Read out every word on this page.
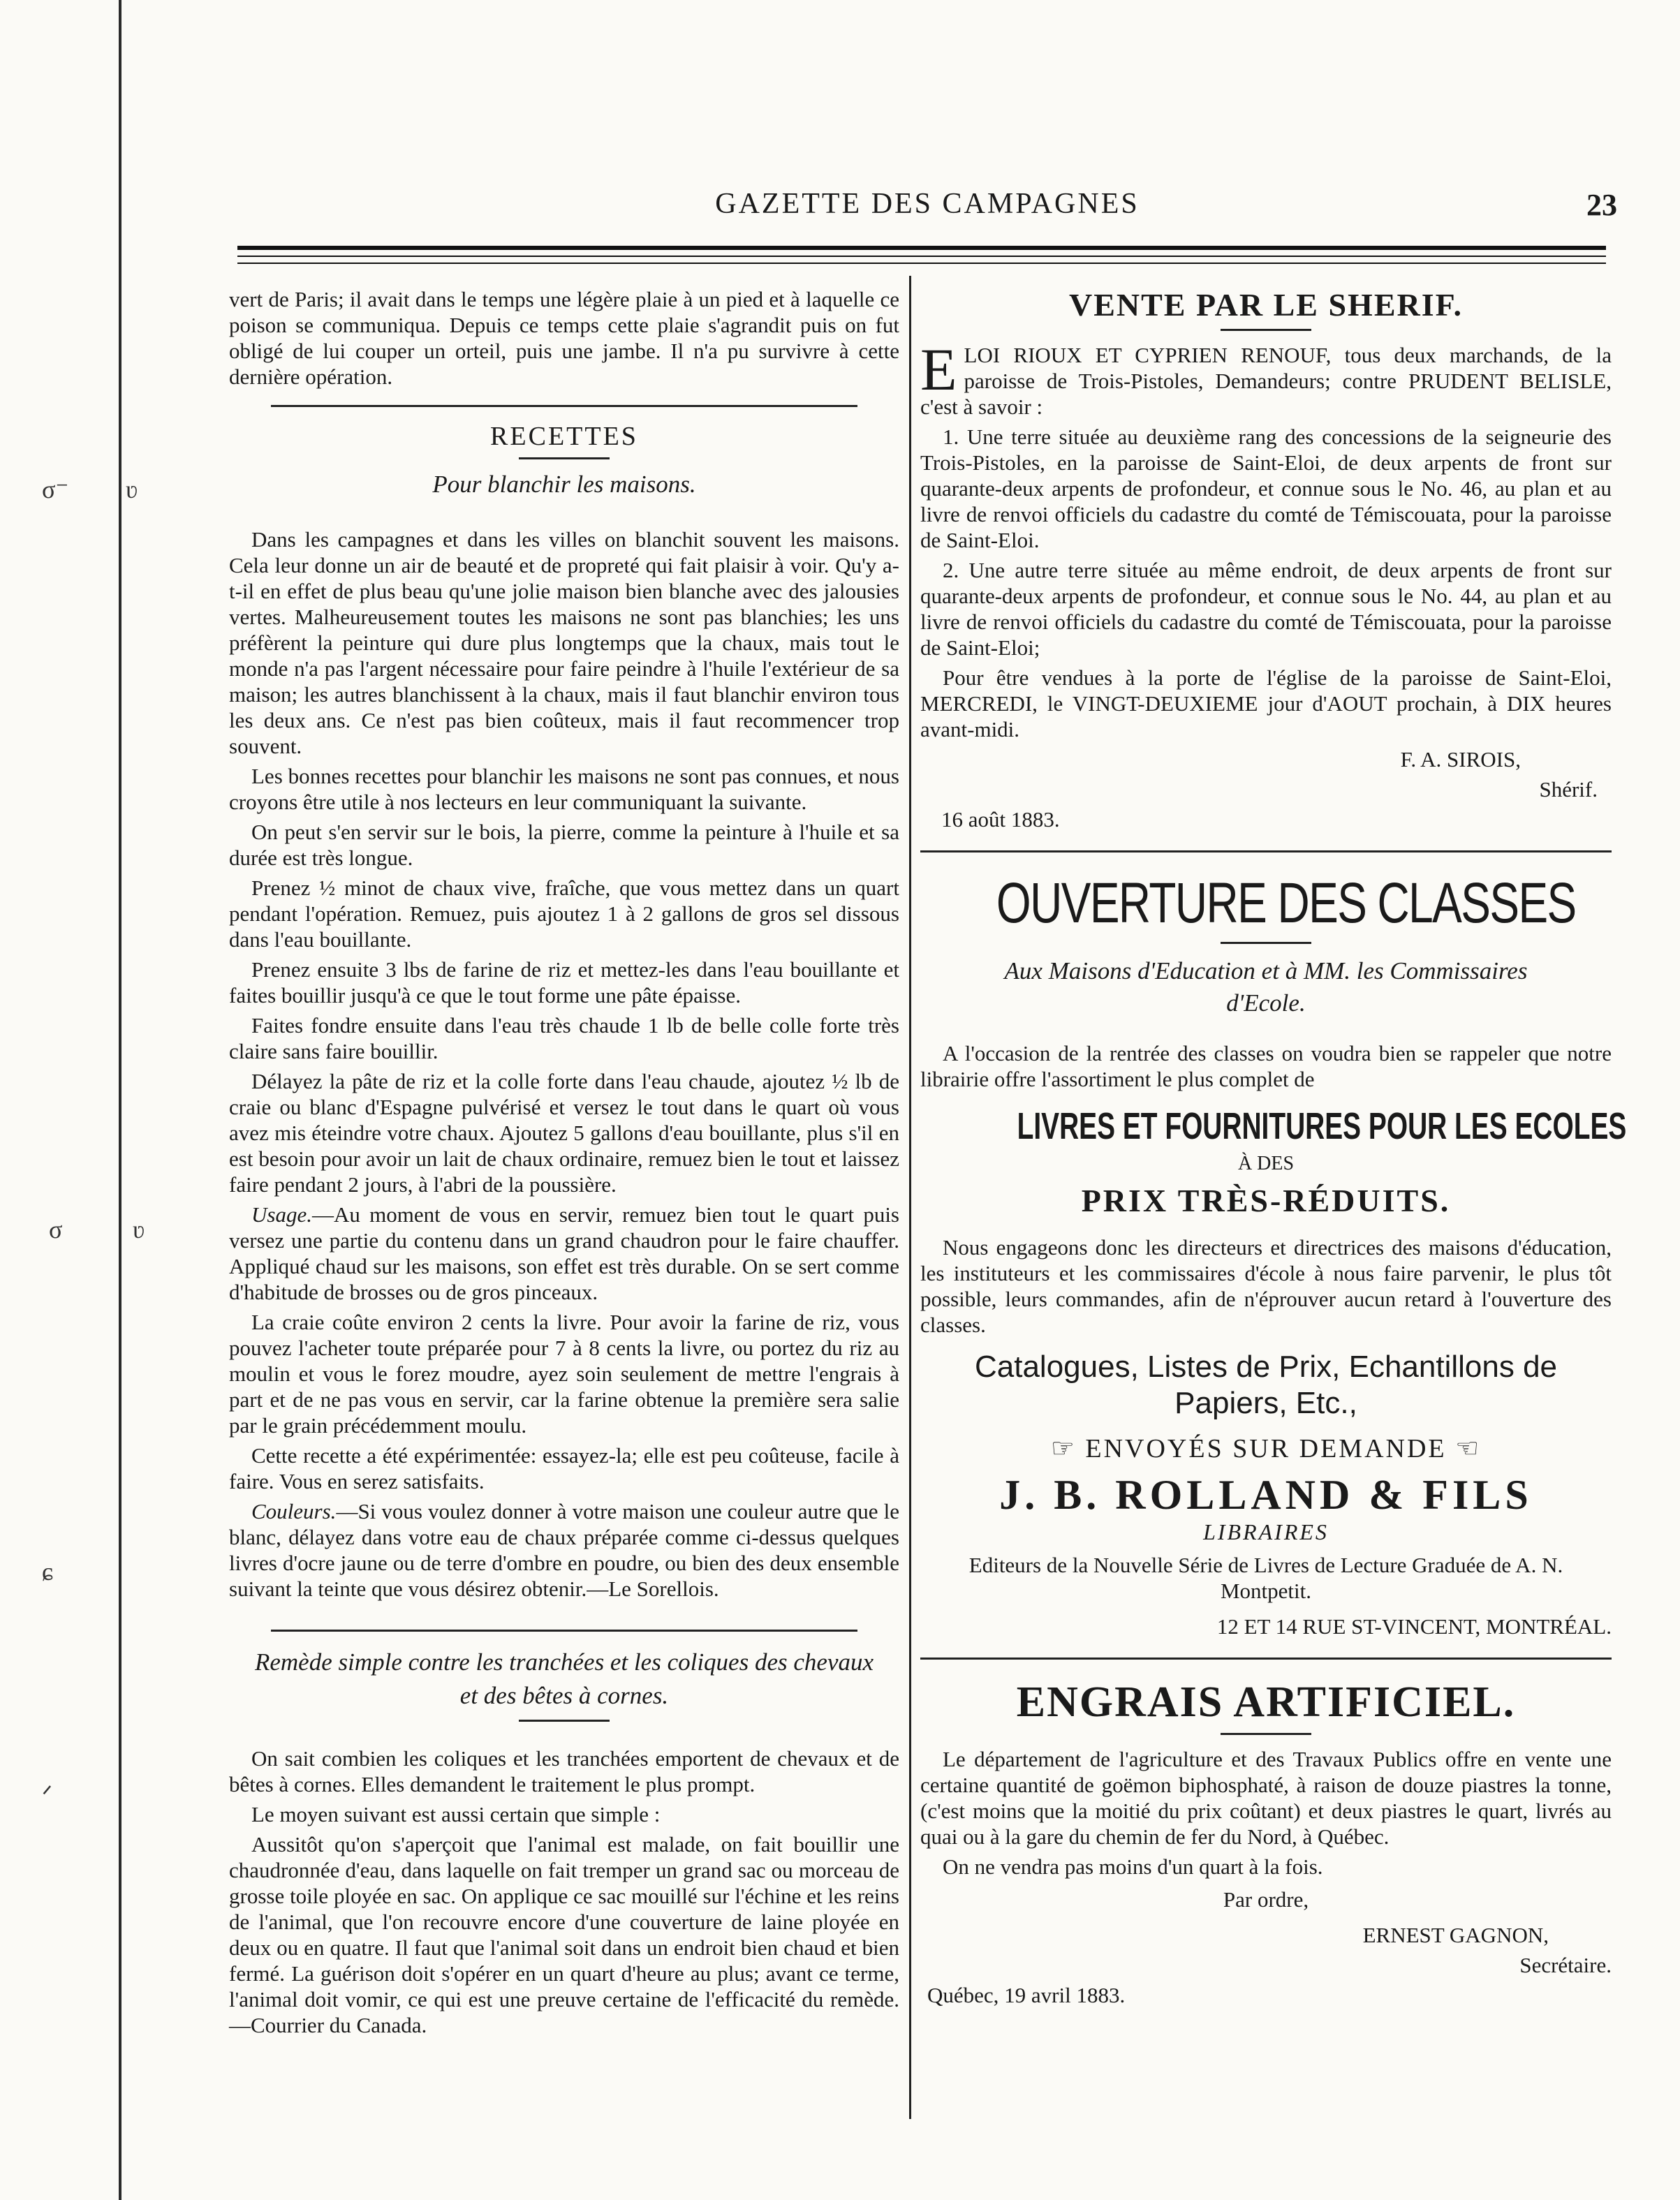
σ⁻ ʋ
σ	ʋ
ɕ
ᐟ
GAZETTE DES CAMPAGNES	23

vert de Paris; il avait dans le temps une légère plaie à un pied et à laquelle ce poison se communiqua. Depuis ce temps cette plaie s'agrandit puis on fut obligé de lui couper un orteil, puis une jambe. Il n'a pu survivre à cette dernière opération.

RECETTES
Pour blanchir les maisons.

Dans les campagnes et dans les villes on blanchit souvent les maisons. Cela leur donne un air de beauté et de propreté qui fait plaisir à voir. Qu'y a-t-il en effet de plus beau qu'une jolie maison bien blanche avec des jalousies vertes. Malheureusement toutes les maisons ne sont pas blanchies; les uns préfèrent la peinture qui dure plus longtemps que la chaux, mais tout le monde n'a pas l'argent nécessaire pour faire peindre à l'huile l'extérieur de sa maison; les autres blanchissent à la chaux, mais il faut blanchir environ tous les deux ans. Ce n'est pas bien coûteux, mais il faut recommencer trop souvent.

Les bonnes recettes pour blanchir les maisons ne sont pas connues, et nous croyons être utile à nos lecteurs en leur communiquant la suivante.

On peut s'en servir sur le bois, la pierre, comme la peinture à l'huile et sa durée est très longue.

Prenez ½ minot de chaux vive, fraîche, que vous mettez dans un quart pendant l'opération. Remuez, puis ajoutez 1 à 2 gallons de gros sel dissous dans l'eau bouillante.

Prenez ensuite 3 lbs de farine de riz et mettez-les dans l'eau bouillante et faites bouillir jusqu'à ce que le tout forme une pâte épaisse.

Faites fondre ensuite dans l'eau très chaude 1 lb de belle colle forte très claire sans faire bouillir.

Délayez la pâte de riz et la colle forte dans l'eau chaude, ajoutez ½ lb de craie ou blanc d'Espagne pulvérisé et versez le tout dans le quart où vous avez mis éteindre votre chaux. Ajoutez 5 gallons d'eau bouillante, plus s'il en est besoin pour avoir un lait de chaux ordinaire, remuez bien le tout et laissez faire pendant 2 jours, à l'abri de la poussière.

Usage.—Au moment de vous en servir, remuez bien tout le quart puis versez une partie du contenu dans un grand chaudron pour le faire chauffer. Appliqué chaud sur les maisons, son effet est très durable. On se sert comme d'habitude de brosses ou de gros pinceaux.

La craie coûte environ 2 cents la livre. Pour avoir la farine de riz, vous pouvez l'acheter toute préparée pour 7 à 8 cents la livre, ou portez du riz au moulin et vous le forez moudre, ayez soin seulement de mettre l'engrais à part et de ne pas vous en servir, car la farine obtenue la première sera salie par le grain précédemment moulu.

Cette recette a été expérimentée: essayez-la; elle est peu coûteuse, facile à faire. Vous en serez satisfaits.

Couleurs.—Si vous voulez donner à votre maison une couleur autre que le blanc, délayez dans votre eau de chaux préparée comme ci-dessus quelques livres d'ocre jaune ou de terre d'ombre en poudre, ou bien des deux ensemble suivant la teinte que vous désirez obtenir.—Le Sorellois.

Remède simple contre les tranchées et les coliques des chevaux et des bêtes à cornes.

On sait combien les coliques et les tranchées emportent de chevaux et de bêtes à cornes. Elles demandent le traitement le plus prompt.

Le moyen suivant est aussi certain que simple :

Aussitôt qu'on s'aperçoit que l'animal est malade, on fait bouillir une chaudronnée d'eau, dans laquelle on fait tremper un grand sac ou morceau de grosse toile ployée en sac. On applique ce sac mouillé sur l'échine et les reins de l'animal, que l'on recouvre encore d'une couverture de laine ployée en deux ou en quatre. Il faut que l'animal soit dans un endroit bien chaud et bien fermé. La guérison doit s'opérer en un quart d'heure au plus; avant ce terme, l'animal doit vomir, ce qui est une preuve certaine de l'efficacité du remède.—Courrier du Canada.

VENTE PAR LE SHERIF.

ELOI RIOUX ET CYPRIEN RENOUF, tous deux marchands, de la paroisse de Trois-Pistoles, Demandeurs; contre PRUDENT BELISLE, c'est à savoir :

1. Une terre située au deuxième rang des concessions de la seigneurie des Trois-Pistoles, en la paroisse de Saint-Eloi, de deux arpents de front sur quarante-deux arpents de profondeur, et connue sous le No. 46, au plan et au livre de renvoi officiels du cadastre du comté de Témiscouata, pour la paroisse de Saint-Eloi.

2. Une autre terre située au même endroit, de deux arpents de front sur quarante-deux arpents de profondeur, et connue sous le No. 44, au plan et au livre de renvoi officiels du cadastre du comté de Témiscouata, pour la paroisse de Saint-Eloi;

Pour être vendues à la porte de l'église de la paroisse de Saint-Eloi, MERCREDI, le VINGT-DEUXIEME jour d'AOUT prochain, à DIX heures avant-midi.

F. A. SIROIS,

Shérif.

16 août 1883.

OUVERTURE DES CLASSES
Aux Maisons d'Education et à MM. les Commissaires d'Ecole.

A l'occasion de la rentrée des classes on voudra bien se rappeler que notre librairie offre l'assortiment le plus complet de

LIVRES ET FOURNITURES POUR LES ECOLES

À DES

PRIX TRÈS-RÉDUITS.

Nous engageons donc les directeurs et directrices des maisons d'éducation, les instituteurs et les commissaires d'école à nous faire parvenir, le plus tôt possible, leurs commandes, afin de n'éprouver aucun retard à l'ouverture des classes.

Catalogues, Listes de Prix, Echantillons de Papiers, Etc.,
☞ ENVOYÉS SUR DEMANDE ☜
J. B. ROLLAND & FILS

LIBRAIRES

Editeurs de la Nouvelle Série de Livres de Lecture Graduée de A. N. Montpetit.

12 ET 14 RUE ST-VINCENT, MONTRÉAL.

ENGRAIS ARTIFICIEL.

Le département de l'agriculture et des Travaux Publics offre en vente une certaine quantité de goëmon biphosphaté, à raison de douze piastres la tonne, (c'est moins que la moitié du prix coûtant) et deux piastres le quart, livrés au quai ou à la gare du chemin de fer du Nord, à Québec.

On ne vendra pas moins d'un quart à la fois.

Par ordre,

ERNEST GAGNON,

Secrétaire.

Québec, 19 avril 1883.
